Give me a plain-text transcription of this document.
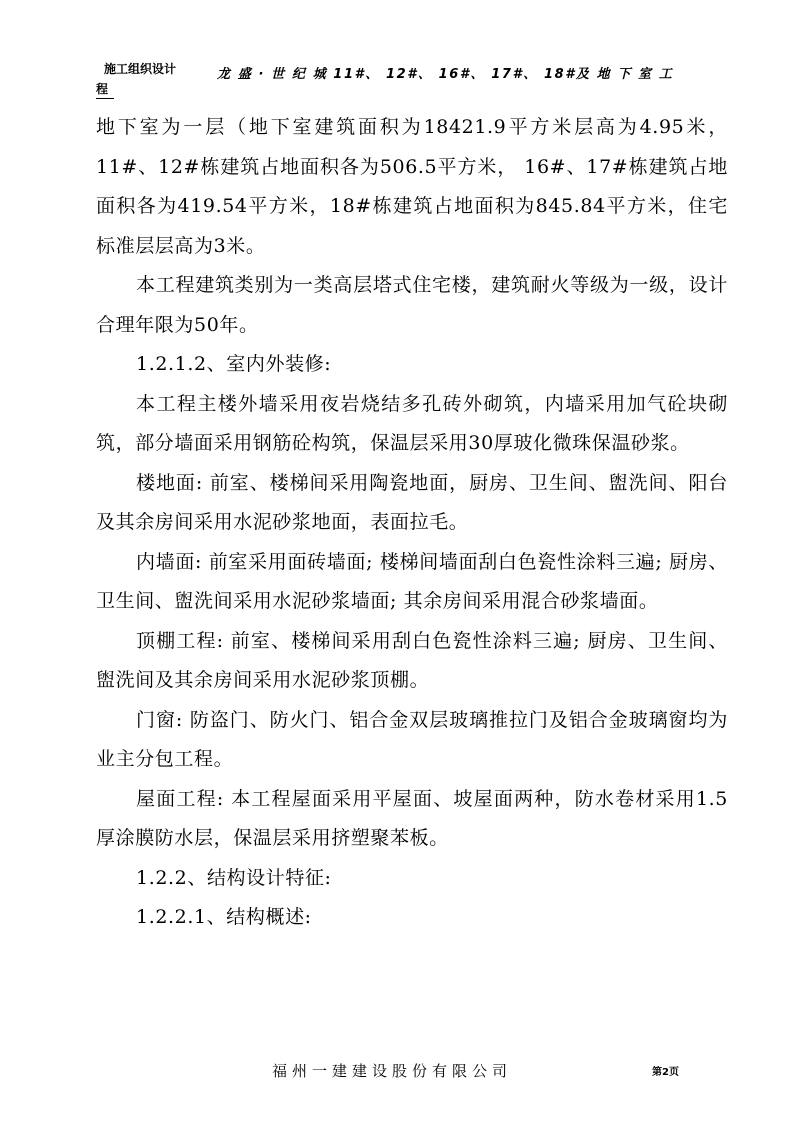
施工组织设计	龙 盛 · 世 纪 城 11#、 12#、 16#、 17#、 18#及 地 下 室 工
程

地下室为一层（地下室建筑面积为18421.9平方米层高为4.95米，11#、12#栋建筑占地面积各为506.5平方米， 16#、17#栋建筑占地面积各为419.54平方米，18#栋建筑占地面积为845.84平方米，住宅标准层层高为3米。

本工程建筑类别为一类高层塔式住宅楼，建筑耐火等级为一级，设计合理年限为50年。

1.2.1.2、室内外装修:

本工程主楼外墙采用夜岩烧结多孔砖外砌筑，内墙采用加气砼块砌筑，部分墙面采用钢筋砼构筑，保温层采用30厚玻化微珠保温砂浆。

楼地面: 前室、楼梯间采用陶瓷地面，厨房、卫生间、盥洗间、阳台及其余房间采用水泥砂浆地面，表面拉毛。

内墙面: 前室采用面砖墙面; 楼梯间墙面刮白色瓷性涂料三遍; 厨房、卫生间、盥洗间采用水泥砂浆墙面; 其余房间采用混合砂浆墙面。

顶棚工程: 前室、楼梯间采用刮白色瓷性涂料三遍; 厨房、卫生间、盥洗间及其余房间采用水泥砂浆顶棚。

门窗: 防盗门、防火门、铝合金双层玻璃推拉门及铝合金玻璃窗均为业主分包工程。

屋面工程: 本工程屋面采用平屋面、坡屋面两种，防水卷材采用1.5厚涂膜防水层，保温层采用挤塑聚苯板。

1.2.2、结构设计特征:

1.2.2.1、结构概述:

福州一建建设股份有限公司	第2页
